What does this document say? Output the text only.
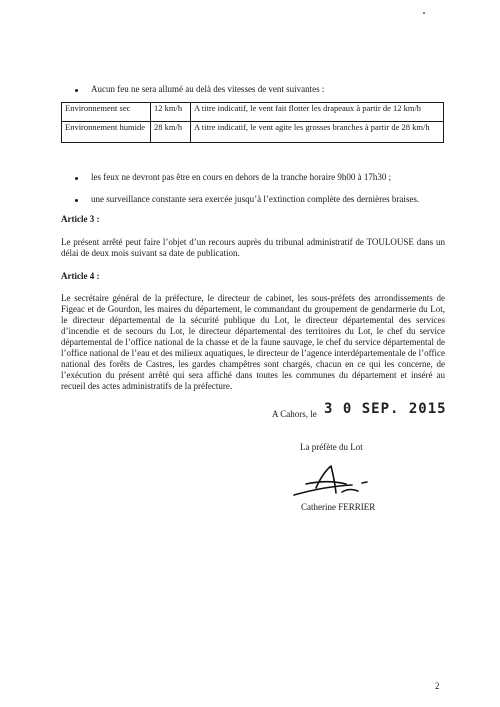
Aucun feu ne sera allumé au delà des vitesses de vent suivantes :
Environnement sec	12 km/h	A titre indicatif, le vent fait flotter les drapeaux à partir de 12 km/h
Environnement humide	28 km/h	A titre indicatif, le vent agite les grosses branches à partir de 28 km/h
les feux ne devront pas être en cours en dehors de la tranche horaire 9h00 à 17h30 ;
une surveillance constante sera exercée jusqu’à l’extinction complète des dernières braises.
Article 3 :
Le présent arrêté peut faire l’objet d’un recours auprès du tribunal administratif de TOULOUSE dans un délai de deux mois suivant sa date de publication.
Article 4 :
Le secrétaire général de la préfecture, le directeur de cabinet, les sous-préfets des arrondissements de Figeac et de Gourdon, les maires du département, le commandant du groupement de gendarmerie du Lot, le directeur départemental de la sécurité publique du Lot, le directeur départemental des services d’incendie et de secours du Lot, le directeur départemental des territoires du Lot, le chef du service départemental de l’office national de la chasse et de la faune sauvage, le chef du service départemental de l’office national de l’eau et des milieux aquatiques, le directeur de l’agence interdépartementale de l’office national des forêts de Castres, les gardes champêtres sont chargés, chacun en ce qui les concerne, de l’exécution du présent arrêté qui sera affiché dans toutes les communes du département et inséré au recueil des actes administratifs de la préfecture.
A Cahors, le 3 0 SEP. 2015
La préfète du Lot
Catherine FERRIER
2
